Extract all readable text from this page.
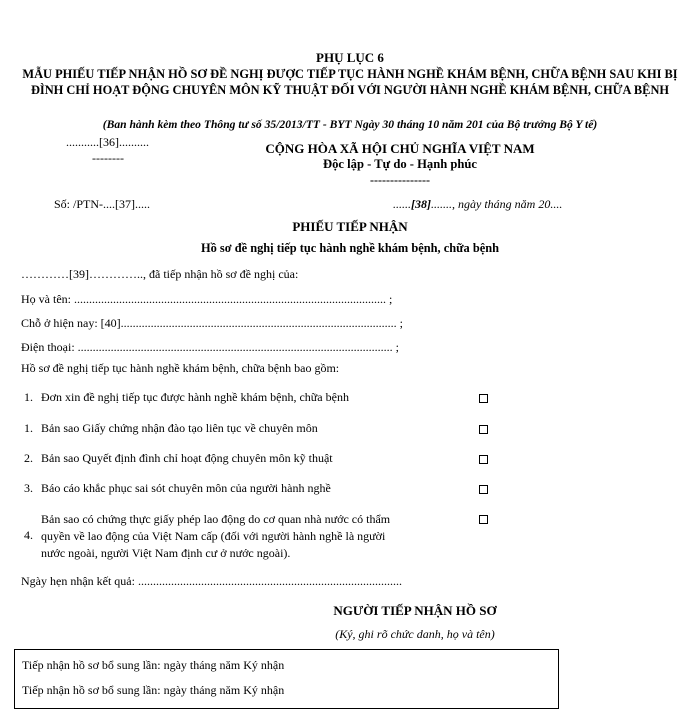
PHỤ LỤC 6
MẪU PHIẾU TIẾP NHẬN HỒ SƠ ĐỀ NGHỊ ĐƯỢC TIẾP TỤC HÀNH NGHỀ KHÁM BỆNH, CHỮA BỆNH SAU KHI BỊ ĐÌNH CHỈ HOẠT ĐỘNG CHUYÊN MÔN KỸ THUẬT ĐỐI VỚI NGƯỜI HÀNH NGHỀ KHÁM BỆNH, CHỮA BỆNH
(Ban hành kèm theo Thông tư số 35/2013/TT - BYT Ngày 30 tháng 10 năm 201 của Bộ trưởng Bộ Y tế)
...........[36]..........
--------
CỘNG HÒA XÃ HỘI CHỦ NGHĨA VIỆT NAM
Độc lập - Tự do - Hạnh phúc
---------------
Số: /PTN-....[37].....	......[38]......., ngày tháng năm 20....
PHIẾU TIẾP NHẬN
Hồ sơ đề nghị tiếp tục hành nghề khám bệnh, chữa bệnh
…………[39]………….., đã tiếp nhận hồ sơ đề nghị của:
Họ và tên: ........................................................................................................ ;
Chỗ ở hiện nay: [40]............................................................................................ ;
Điện thoại: ......................................................................................................... ;
Hồ sơ đề nghị tiếp tục hành nghề khám bệnh, chữa bệnh bao gồm:
1. Đơn xin đề nghị tiếp tục được hành nghề khám bệnh, chữa bệnh
1. Bản sao Giấy chứng nhận đào tạo liên tục về chuyên môn
2. Bản sao Quyết định đình chỉ hoạt động chuyên môn kỹ thuật
3. Báo cáo khắc phục sai sót chuyên môn của người hành nghề
4.
Bản sao có chứng thực giấy phép lao động do cơ quan nhà nước có thẩm
quyền về lao động của Việt Nam cấp (đối với người hành nghề là người
nước ngoài, người Việt Nam định cư ở nước ngoài).
Ngày hẹn nhận kết quả: ........................................................................................
NGƯỜI TIẾP NHẬN HỒ SƠ
(Ký, ghi rõ chức danh, họ và tên)
Tiếp nhận hồ sơ bổ sung lần: ngày tháng năm Ký nhận
Tiếp nhận hồ sơ bổ sung lần: ngày tháng năm Ký nhận
